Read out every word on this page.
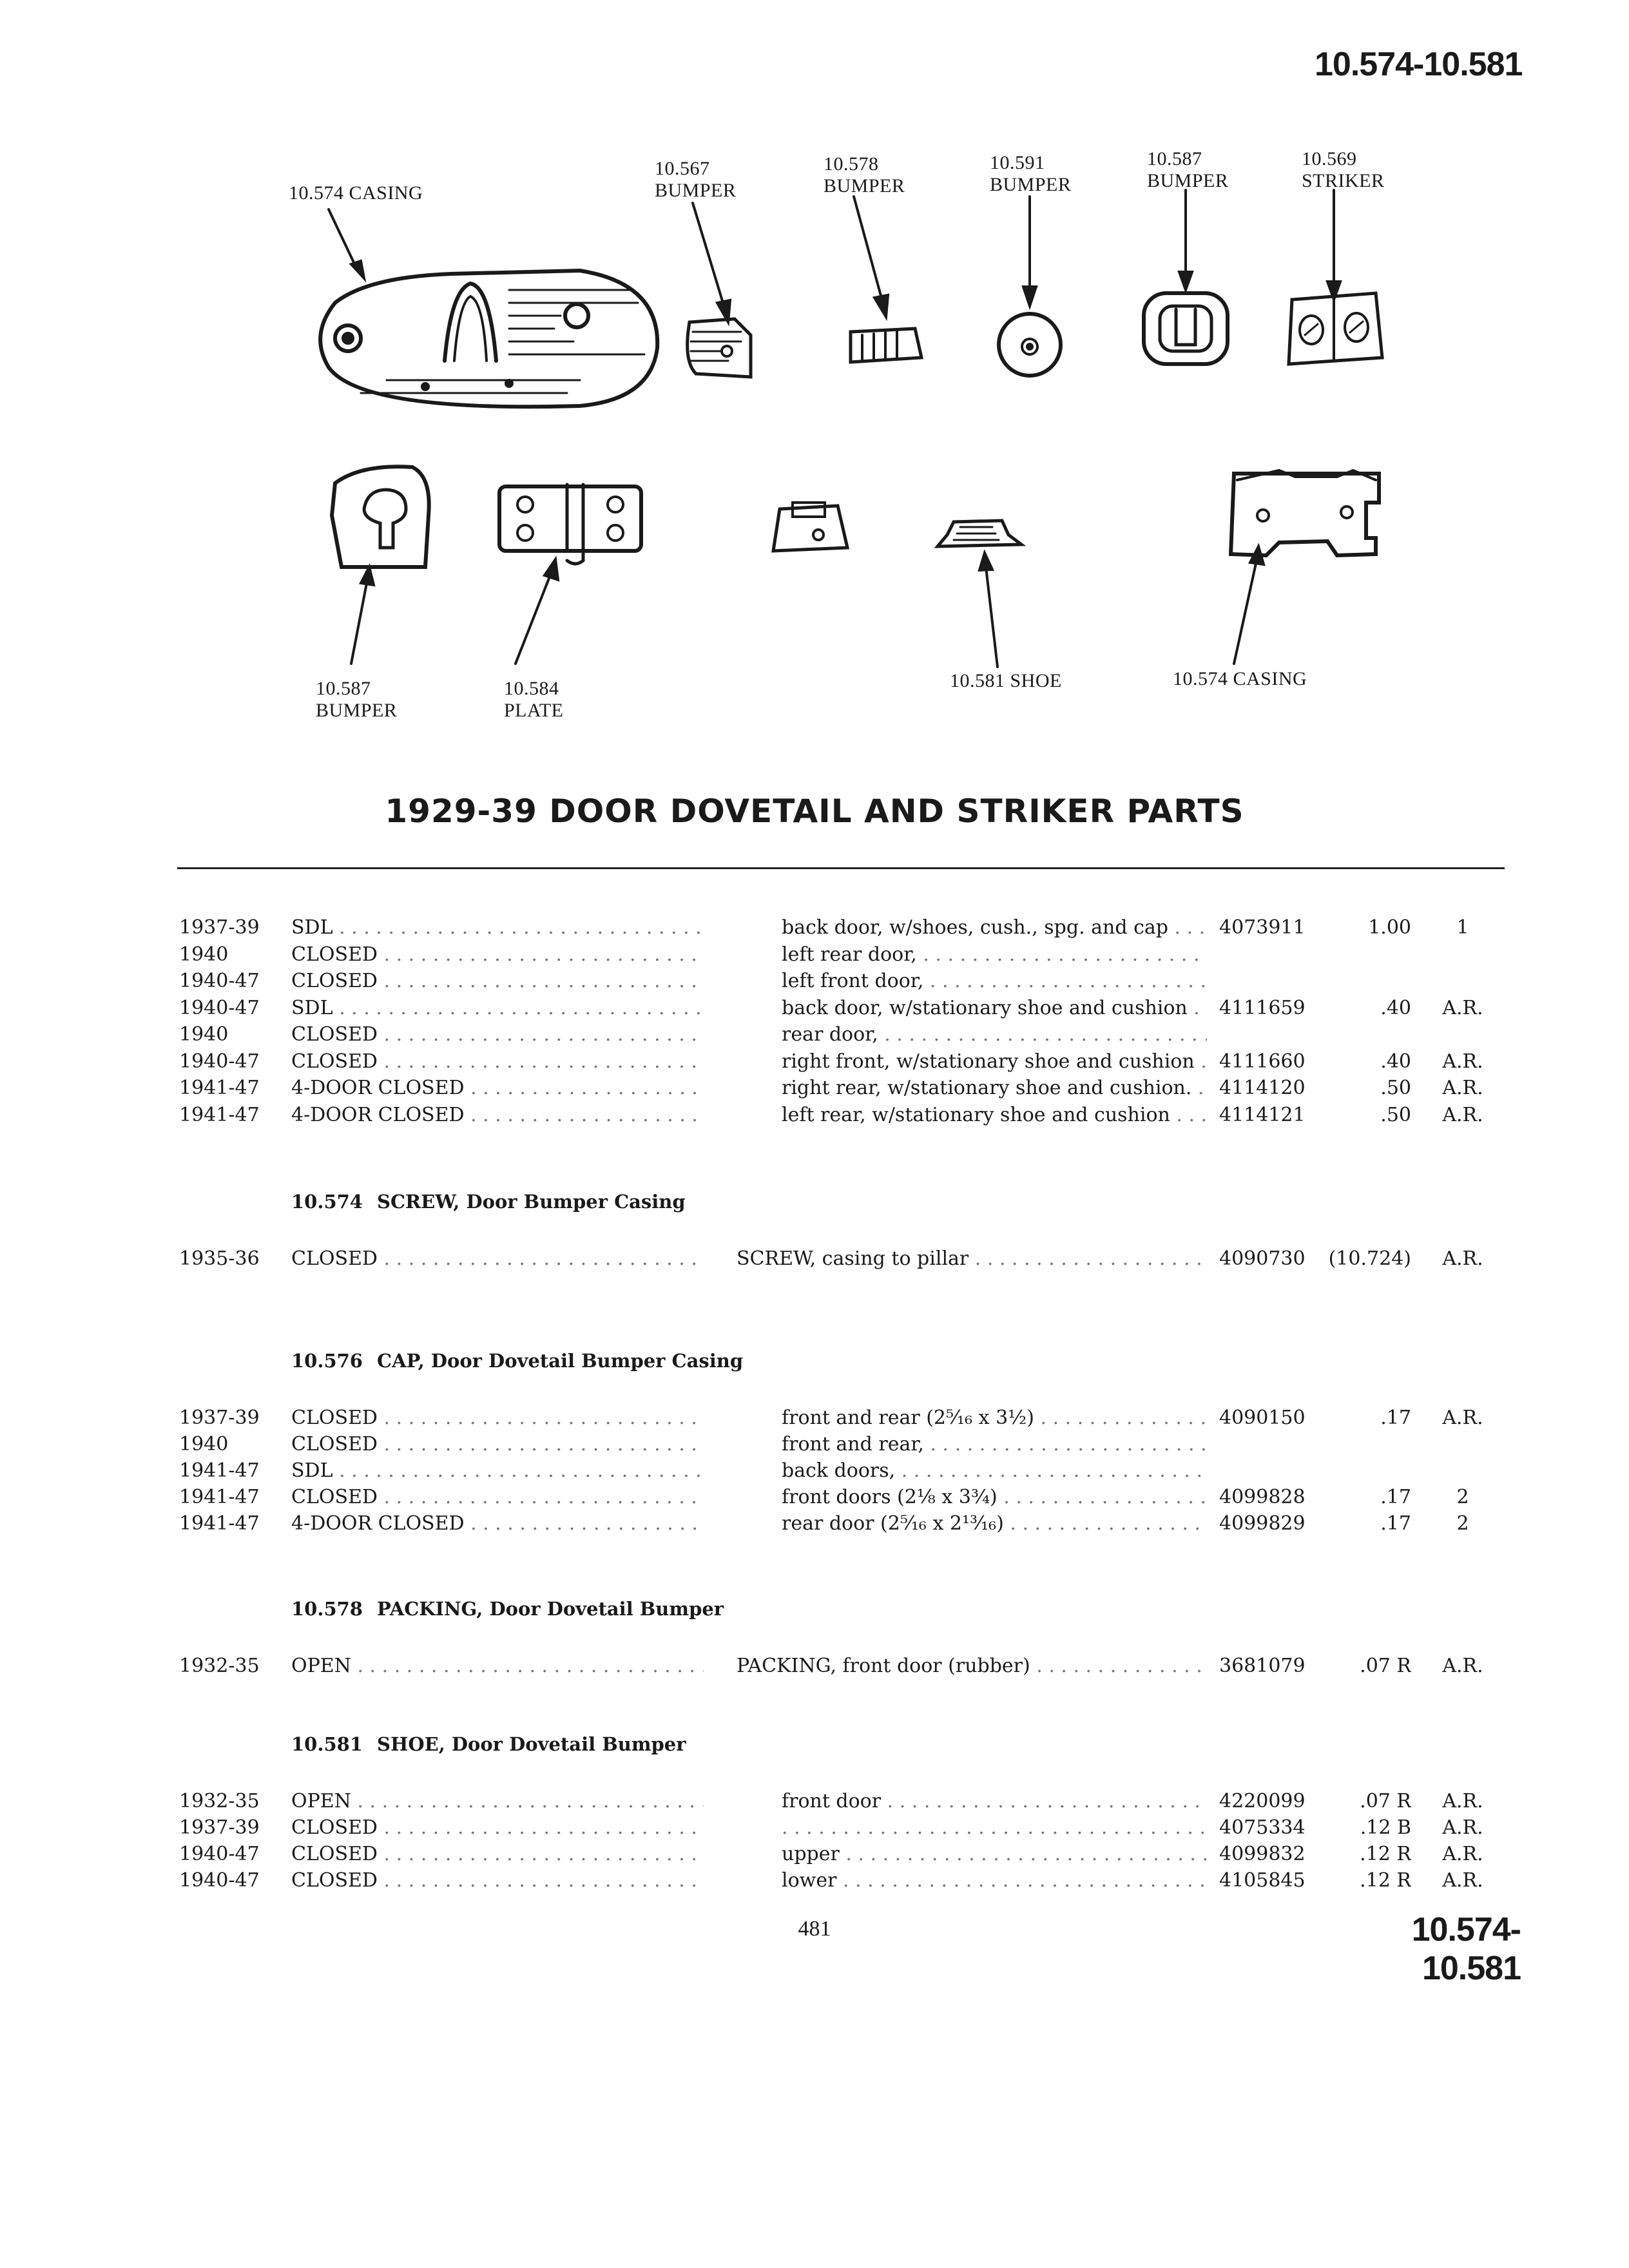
10.574-10.581
10.574 CASING
10.567
BUMPER
10.578
BUMPER
10.591
BUMPER
10.587
BUMPER
10.569
STRIKER
10.587
BUMPER
10.584
PLATE
10.581 SHOE	10.574 CASING
1929-39 DOOR DOVETAIL AND STRIKER PARTS
1937-39	SDL . . .	back door, w/shoes, cush., spg. and cap . . .	4073911	1.00	1
1940	CLOSED . . .	left rear door, . . .
1940-47	CLOSED . . .	left front door, . . .
1940-47	SDL . . .	back door, w/stationary shoe and cushion . . .	4111659	.40	A.R.
1940	CLOSED . . .	rear door, . . .
1940-47	CLOSED . . .	right front, w/stationary shoe and cushion . . .	4111660	.40	A.R.
1941-47	4-DOOR CLOSED . . .	right rear, w/stationary shoe and cushion. . . .	4114120	.50	A.R.
1941-47	4-DOOR CLOSED . . .	left rear, w/stationary shoe and cushion . . .	4114121	.50	A.R.
10.574 SCREW, Door Bumper Casing
1935-36	CLOSED . . .	SCREW, casing to pillar . . .	4090730	(10.724)	A.R.
10.576 CAP, Door Dovetail Bumper Casing
1937-39	CLOSED . . .	front and rear (2⁵⁄₁₆ x 3½) . . .	4090150	.17	A.R.
1940	CLOSED . . .	front and rear, . . .
1941-47	SDL . . .	back doors, . . .
1941-47	CLOSED . . .	front doors (2⅛ x 3¾) . . .	4099828	.17	2
1941-47	4-DOOR CLOSED . . .	rear door (2⁵⁄₁₆ x 2¹³⁄₁₆) . . .	4099829	.17	2
10.578 PACKING, Door Dovetail Bumper
1932-35	OPEN . . .	PACKING, front door (rubber) . . .	3681079	.07 R	A.R.
10.581 SHOE, Door Dovetail Bumper
1932-35	OPEN . . .	front door . . .	4220099	.07 R	A.R.
1937-39	CLOSED . . .
. . .	4075334	.12 B	A.R.
1940-47	CLOSED . . .	upper . . .	4099832	.12 R	A.R.
1940-47	CLOSED . . .	lower . . .	4105845	.12 R	A.R.
481	10.574-10.581
